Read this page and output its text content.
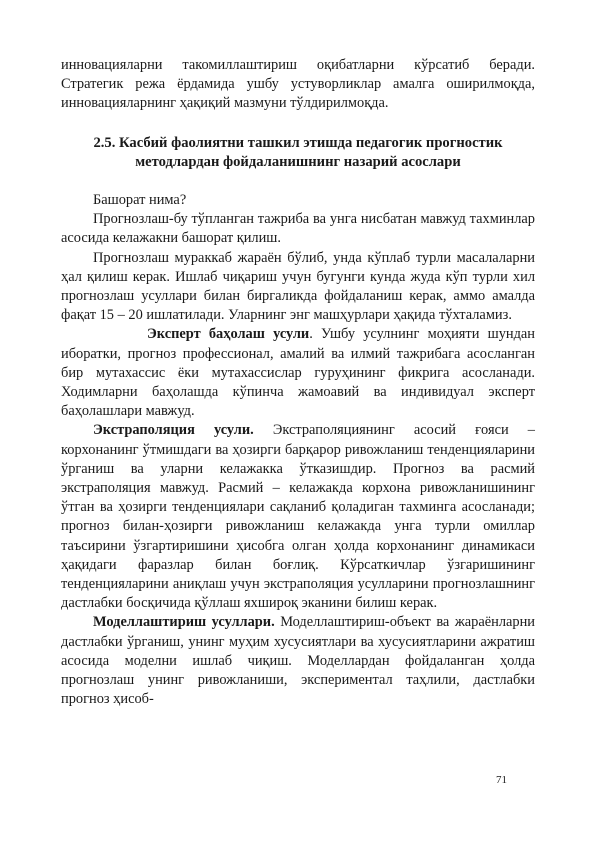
инновацияларни такомиллаштириш оқибатларни кўрсатиб беради. Стратегик режа ёрдамида ушбу устуворликлар амалга оширилмоқда, инновацияларнинг ҳақиқий мазмуни тўлдирилмоқда.

2.5. Касбий фаолиятни ташкил этишда педагогик прогностик методлардан фойдаланишнинг назарий асослари

Башорат нима?

Прогнозлаш-бу тўпланган тажриба ва унга нисбатан мавжуд тахминлар асосида келажакни башорат қилиш.

Прогнозлаш мураккаб жараён бўлиб, унда кўплаб турли масалаларни ҳал қилиш керак. Ишлаб чиқариш учун бугунги кунда жуда кўп турли хил прогнозлаш усуллари билан биргаликда фойдаланиш керак, аммо амалда фақат 15 – 20 ишлатилади. Уларнинг энг машҳурлари ҳақида тўхталамиз.

Эксперт баҳолаш усули. Ушбу усулнинг моҳияти шундан иборатки, прогноз профессионал, амалий ва илмий тажрибага асосланган бир мутахассис ёки мутахассислар гуруҳининг фикрига асосланади. Ходимларни баҳолашда кўпинча жамоавий ва индивидуал эксперт баҳолашлари мавжуд.

Экстраполяция усули. Экстраполяциянинг асосий ғояси – корхонанинг ўтмишдаги ва ҳозирги барқарор ривожланиш тенденцияларини ўрганиш ва уларни келажакка ўтказишдир. Прогноз ва расмий экстраполяция мавжуд. Расмий – келажакда корхона ривожланишининг ўтган ва ҳозирги тенденциялари сақланиб қоладиган тахминга асосланади; прогноз билан-ҳозирги ривожланиш келажакда унга турли омиллар таъсирини ўзгартиришини ҳисобга олган ҳолда корхонанинг динамикаси ҳақидаги фаразлар билан боғлиқ. Кўрсаткичлар ўзгаришининг тенденцияларини аниқлаш учун экстраполяция усулларини прогнозлашнинг дастлабки босқичида қўллаш яхшироқ эканини билиш керак.

Моделлаштириш усуллари. Моделлаштириш-объект ва жараёнларни дастлабки ўрганиш, унинг муҳим хусусиятлари ва хусусиятларини ажратиш асосида моделни ишлаб чиқиш. Моделлардан фойдаланган ҳолда прогнозлаш унинг ривожланиши, экспериментал таҳлили, дастлабки прогноз ҳисоб-

71
